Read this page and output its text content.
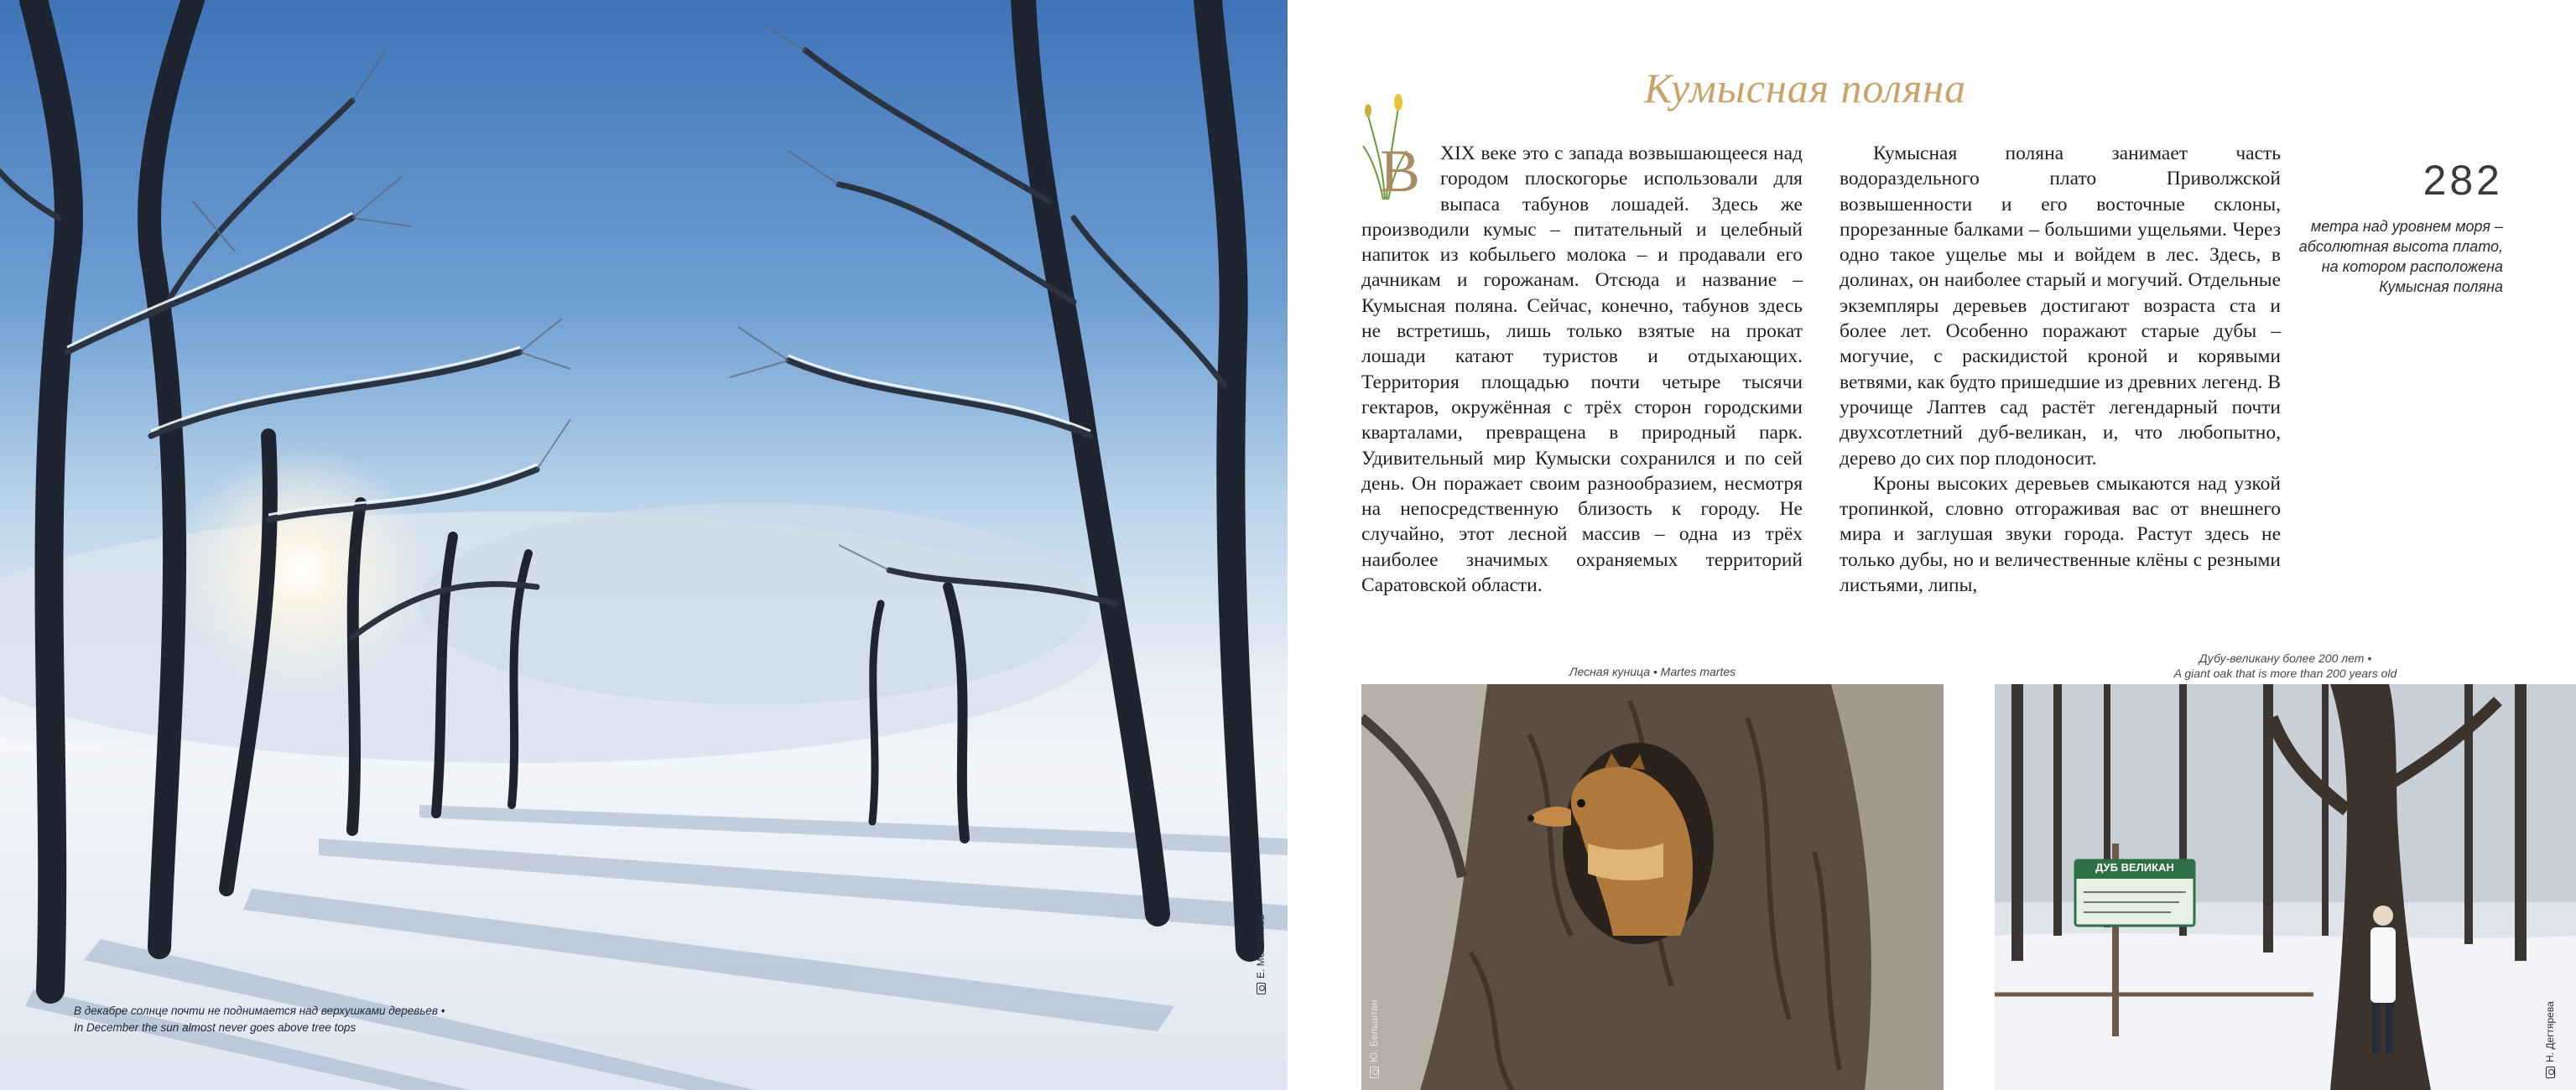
В декабре солнце почти не поднимается над верхушками деревьев •
In December the sun almost never goes above tree tops
Е. Мельников
Кумысная поляна

В XIX веке это с запада возвышающееся над городом плоскогорье использовали для выпаса табунов лошадей. Здесь же производили кумыс – питательный и целебный напиток из кобыльего молока – и продавали его дачникам и горожанам. Отсюда и название – Кумысная поляна. Сейчас, конечно, табунов здесь не встретишь, лишь только взятые на прокат лошади катают туристов и отдыхающих. Территория площадью почти четыре тысячи гектаров, окружённая с трёх сторон городскими кварталами, превращена в природный парк. Удивительный мир Кумыски сохранился и по сей день. Он поражает своим разнообразием, несмотря на непосредственную близость к городу. Не случайно, этот лесной массив – одна из трёх наиболее значимых охраняемых территорий Саратовской области.

Кумысная поляна занимает часть водораздельного плато Приволжской возвышенности и его восточные склоны, прорезанные балками – большими ущельями. Через одно такое ущелье мы и войдем в лес. Здесь, в долинах, он наиболее старый и могучий. Отдельные экземпляры деревьев достигают возраста ста и более лет. Особенно поражают старые дубы – могучие, с раскидистой кроной и корявыми ветвями, как будто пришедшие из древних легенд. В урочище Лаптев сад растёт легендарный почти двухсотлетний дуб-великан, и, что любопытно, дерево до сих пор плодоносит.

Кроны высоких деревьев смыкаются над узкой тропинкой, словно отгораживая вас от внешнего мира и заглушая звуки города. Растут здесь не только дубы, но и величественные клёны с резными листьями, липы,

282
метра над уровнем моря – абсолютная высота плато, на котором расположена Кумысная поляна
Лесная куница • Martes martes
Ю. Бельштан
Дубу-великану более 200 лет •
A giant oak that is more than 200 years old
ДУБ ВЕЛИКАН
Н. Дегтярева
